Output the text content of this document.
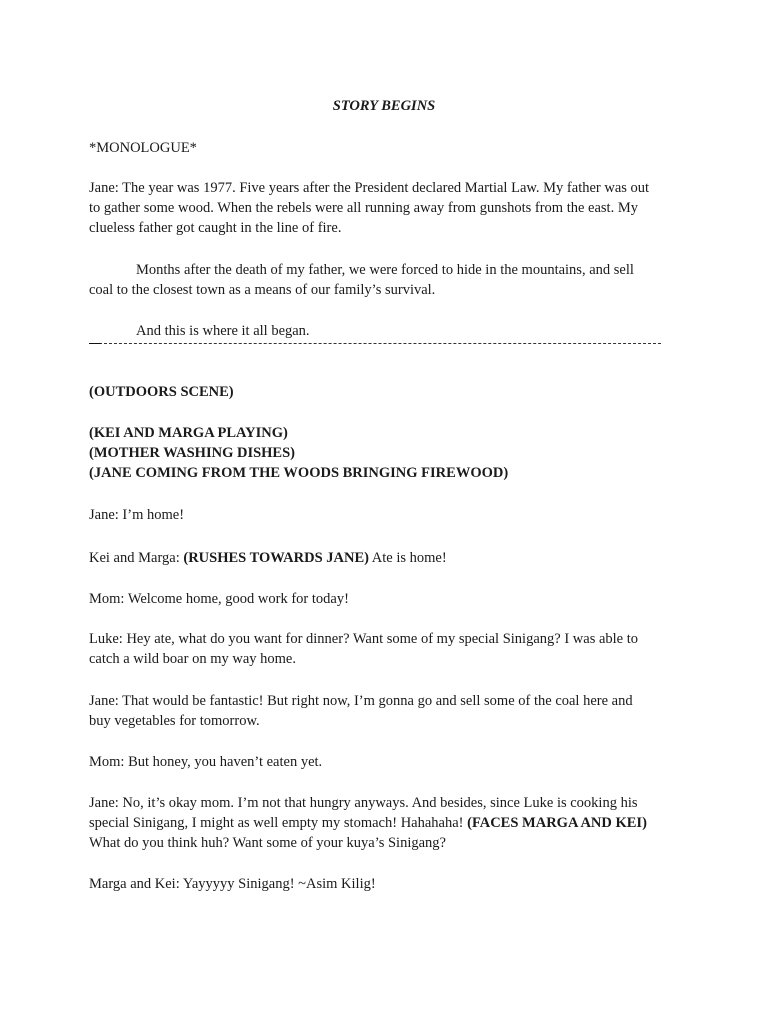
STORY BEGINS
*MONOLOGUE*
Jane: The year was 1977. Five years after the President declared Martial Law. My father was out
to gather some wood. When the rebels were all running away from gunshots from the east. My
clueless father got caught in the line of fire.
Months after the death of my father, we were forced to hide in the mountains, and sell
coal to the closest town as a means of our family’s survival.
And this is where it all began.
(OUTDOORS SCENE)
(KEI AND MARGA PLAYING)
(MOTHER WASHING DISHES)
(JANE COMING FROM THE WOODS BRINGING FIREWOOD)
Jane: I’m home!
Kei and Marga: (RUSHES TOWARDS JANE) Ate is home!
Mom: Welcome home, good work for today!
Luke: Hey ate, what do you want for dinner? Want some of my special Sinigang? I was able to
catch a wild boar on my way home.
Jane: That would be fantastic! But right now, I’m gonna go and sell some of the coal here and
buy vegetables for tomorrow.
Mom: But honey, you haven’t eaten yet.
Jane: No, it’s okay mom. I’m not that hungry anyways. And besides, since Luke is cooking his
special Sinigang, I might as well empty my stomach! Hahahaha! (FACES MARGA AND KEI)
What do you think huh? Want some of your kuya’s Sinigang?
Marga and Kei: Yayyyyy Sinigang! ~Asim Kilig!
